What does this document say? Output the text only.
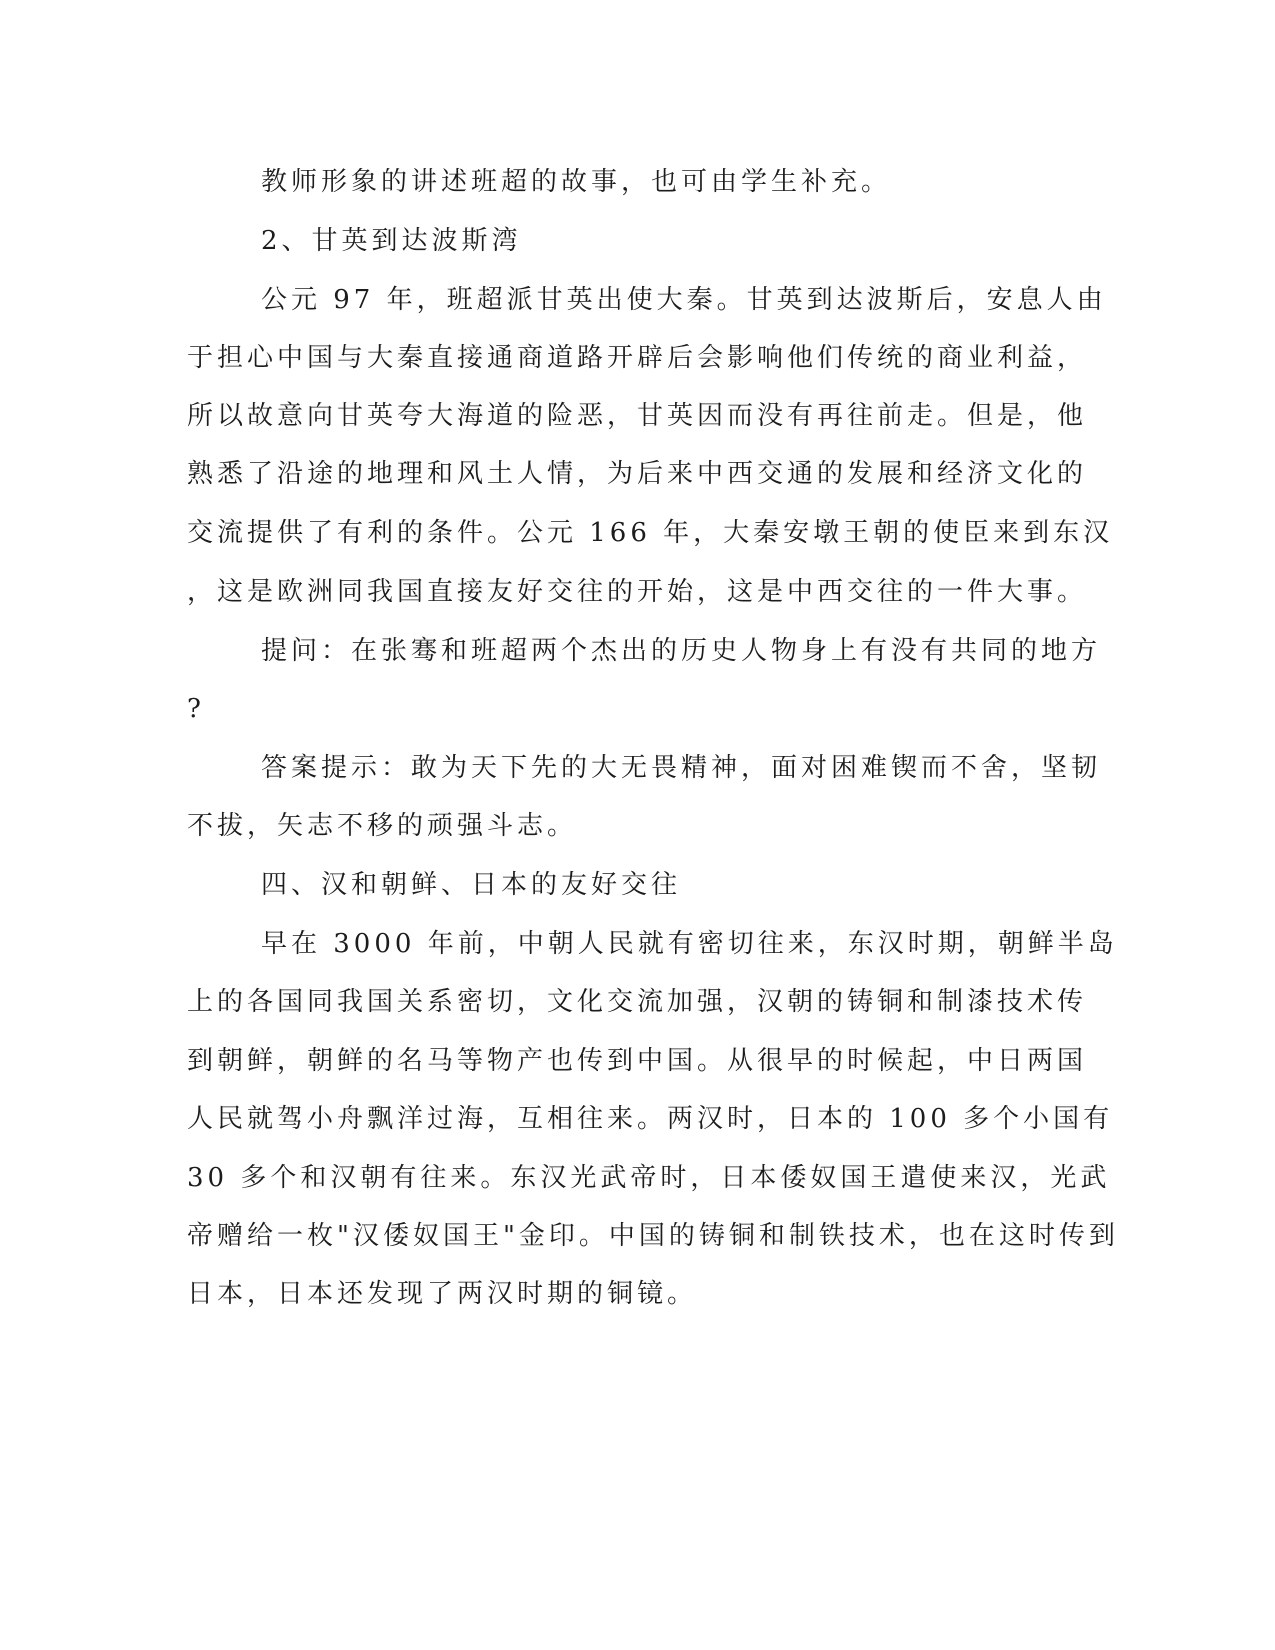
教师形象的讲述班超的故事，也可由学生补充。

2、甘英到达波斯湾

公元 97 年，班超派甘英出使大秦。甘英到达波斯后，安息人由

于担心中国与大秦直接通商道路开辟后会影响他们传统的商业利益，

所以故意向甘英夸大海道的险恶，甘英因而没有再往前走。但是，他

熟悉了沿途的地理和风土人情，为后来中西交通的发展和经济文化的

交流提供了有利的条件。公元 166 年，大秦安墩王朝的使臣来到东汉

，这是欧洲同我国直接友好交往的开始，这是中西交往的一件大事。

提问：在张骞和班超两个杰出的历史人物身上有没有共同的地方

?

答案提示：敢为天下先的大无畏精神，面对困难锲而不舍，坚韧

不拔，矢志不移的顽强斗志。

四、汉和朝鲜、日本的友好交往

早在 3000 年前，中朝人民就有密切往来，东汉时期，朝鲜半岛

上的各国同我国关系密切，文化交流加强，汉朝的铸铜和制漆技术传

到朝鲜，朝鲜的名马等物产也传到中国。从很早的时候起，中日两国

人民就驾小舟飘洋过海，互相往来。两汉时，日本的 100 多个小国有

30 多个和汉朝有往来。东汉光武帝时，日本倭奴国王遣使来汉，光武

帝赠给一枚"汉倭奴国王"金印。中国的铸铜和制铁技术，也在这时传到

日本，日本还发现了两汉时期的铜镜。
